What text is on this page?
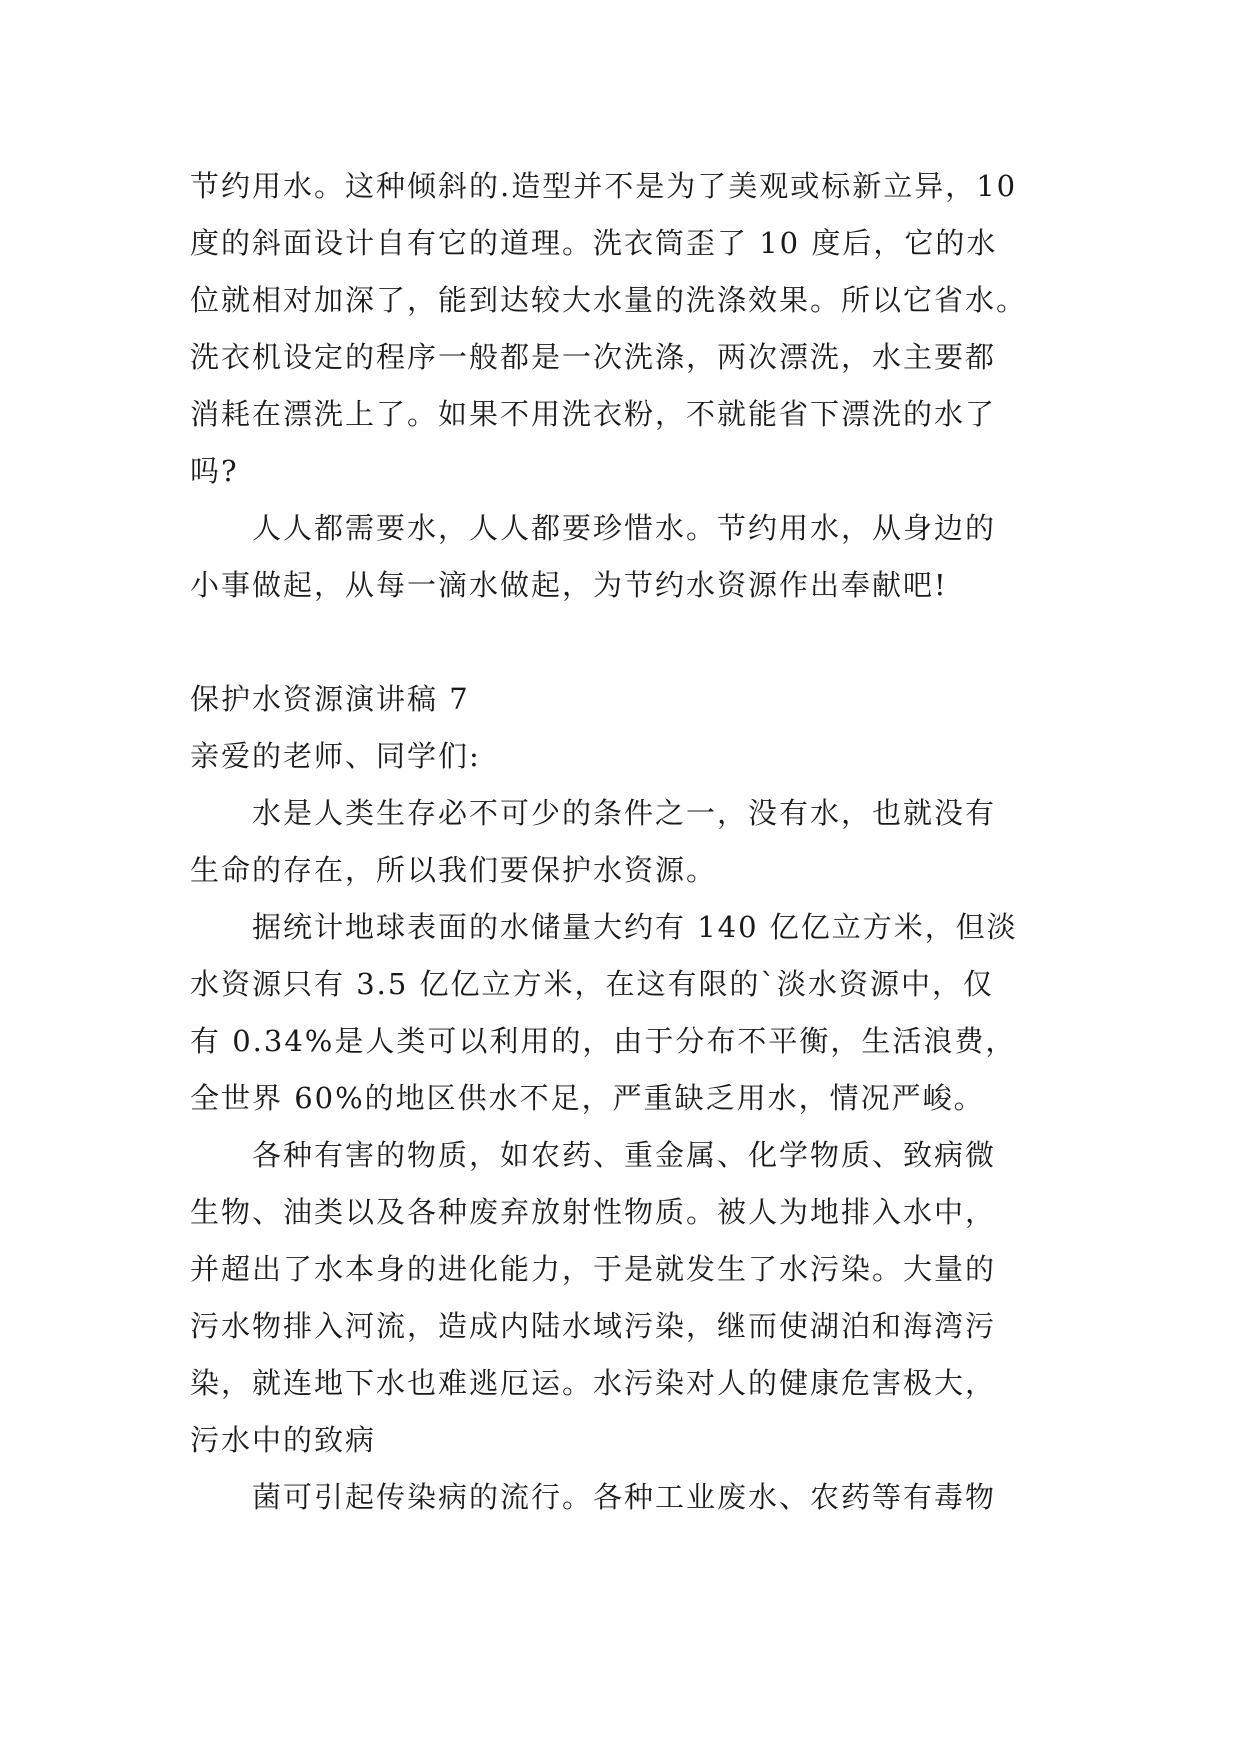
节约用水。这种倾斜的.造型并不是为了美观或标新立异，10
度的斜面设计自有它的道理。洗衣筒歪了 10 度后，它的水
位就相对加深了，能到达较大水量的洗涤效果。所以它省水。
洗衣机设定的程序一般都是一次洗涤，两次漂洗，水主要都
消耗在漂洗上了。如果不用洗衣粉，不就能省下漂洗的水了
吗?

人人都需要水，人人都要珍惜水。节约用水，从身边的
小事做起，从每一滴水做起，为节约水资源作出奉献吧!

保护水资源演讲稿 7

亲爱的老师、同学们:

水是人类生存必不可少的条件之一，没有水，也就没有
生命的存在，所以我们要保护水资源。

据统计地球表面的水储量大约有 140 亿亿立方米，但淡
水资源只有 3.5 亿亿立方米，在这有限的`淡水资源中，仅
有 0.34%是人类可以利用的，由于分布不平衡，生活浪费，
全世界 60%的地区供水不足，严重缺乏用水，情况严峻。

各种有害的物质，如农药、重金属、化学物质、致病微
生物、油类以及各种废弃放射性物质。被人为地排入水中，
并超出了水本身的进化能力，于是就发生了水污染。大量的
污水物排入河流，造成内陆水域污染，继而使湖泊和海湾污
染，就连地下水也难逃厄运。水污染对人的健康危害极大，
污水中的致病

菌可引起传染病的流行。各种工业废水、农药等有毒物
